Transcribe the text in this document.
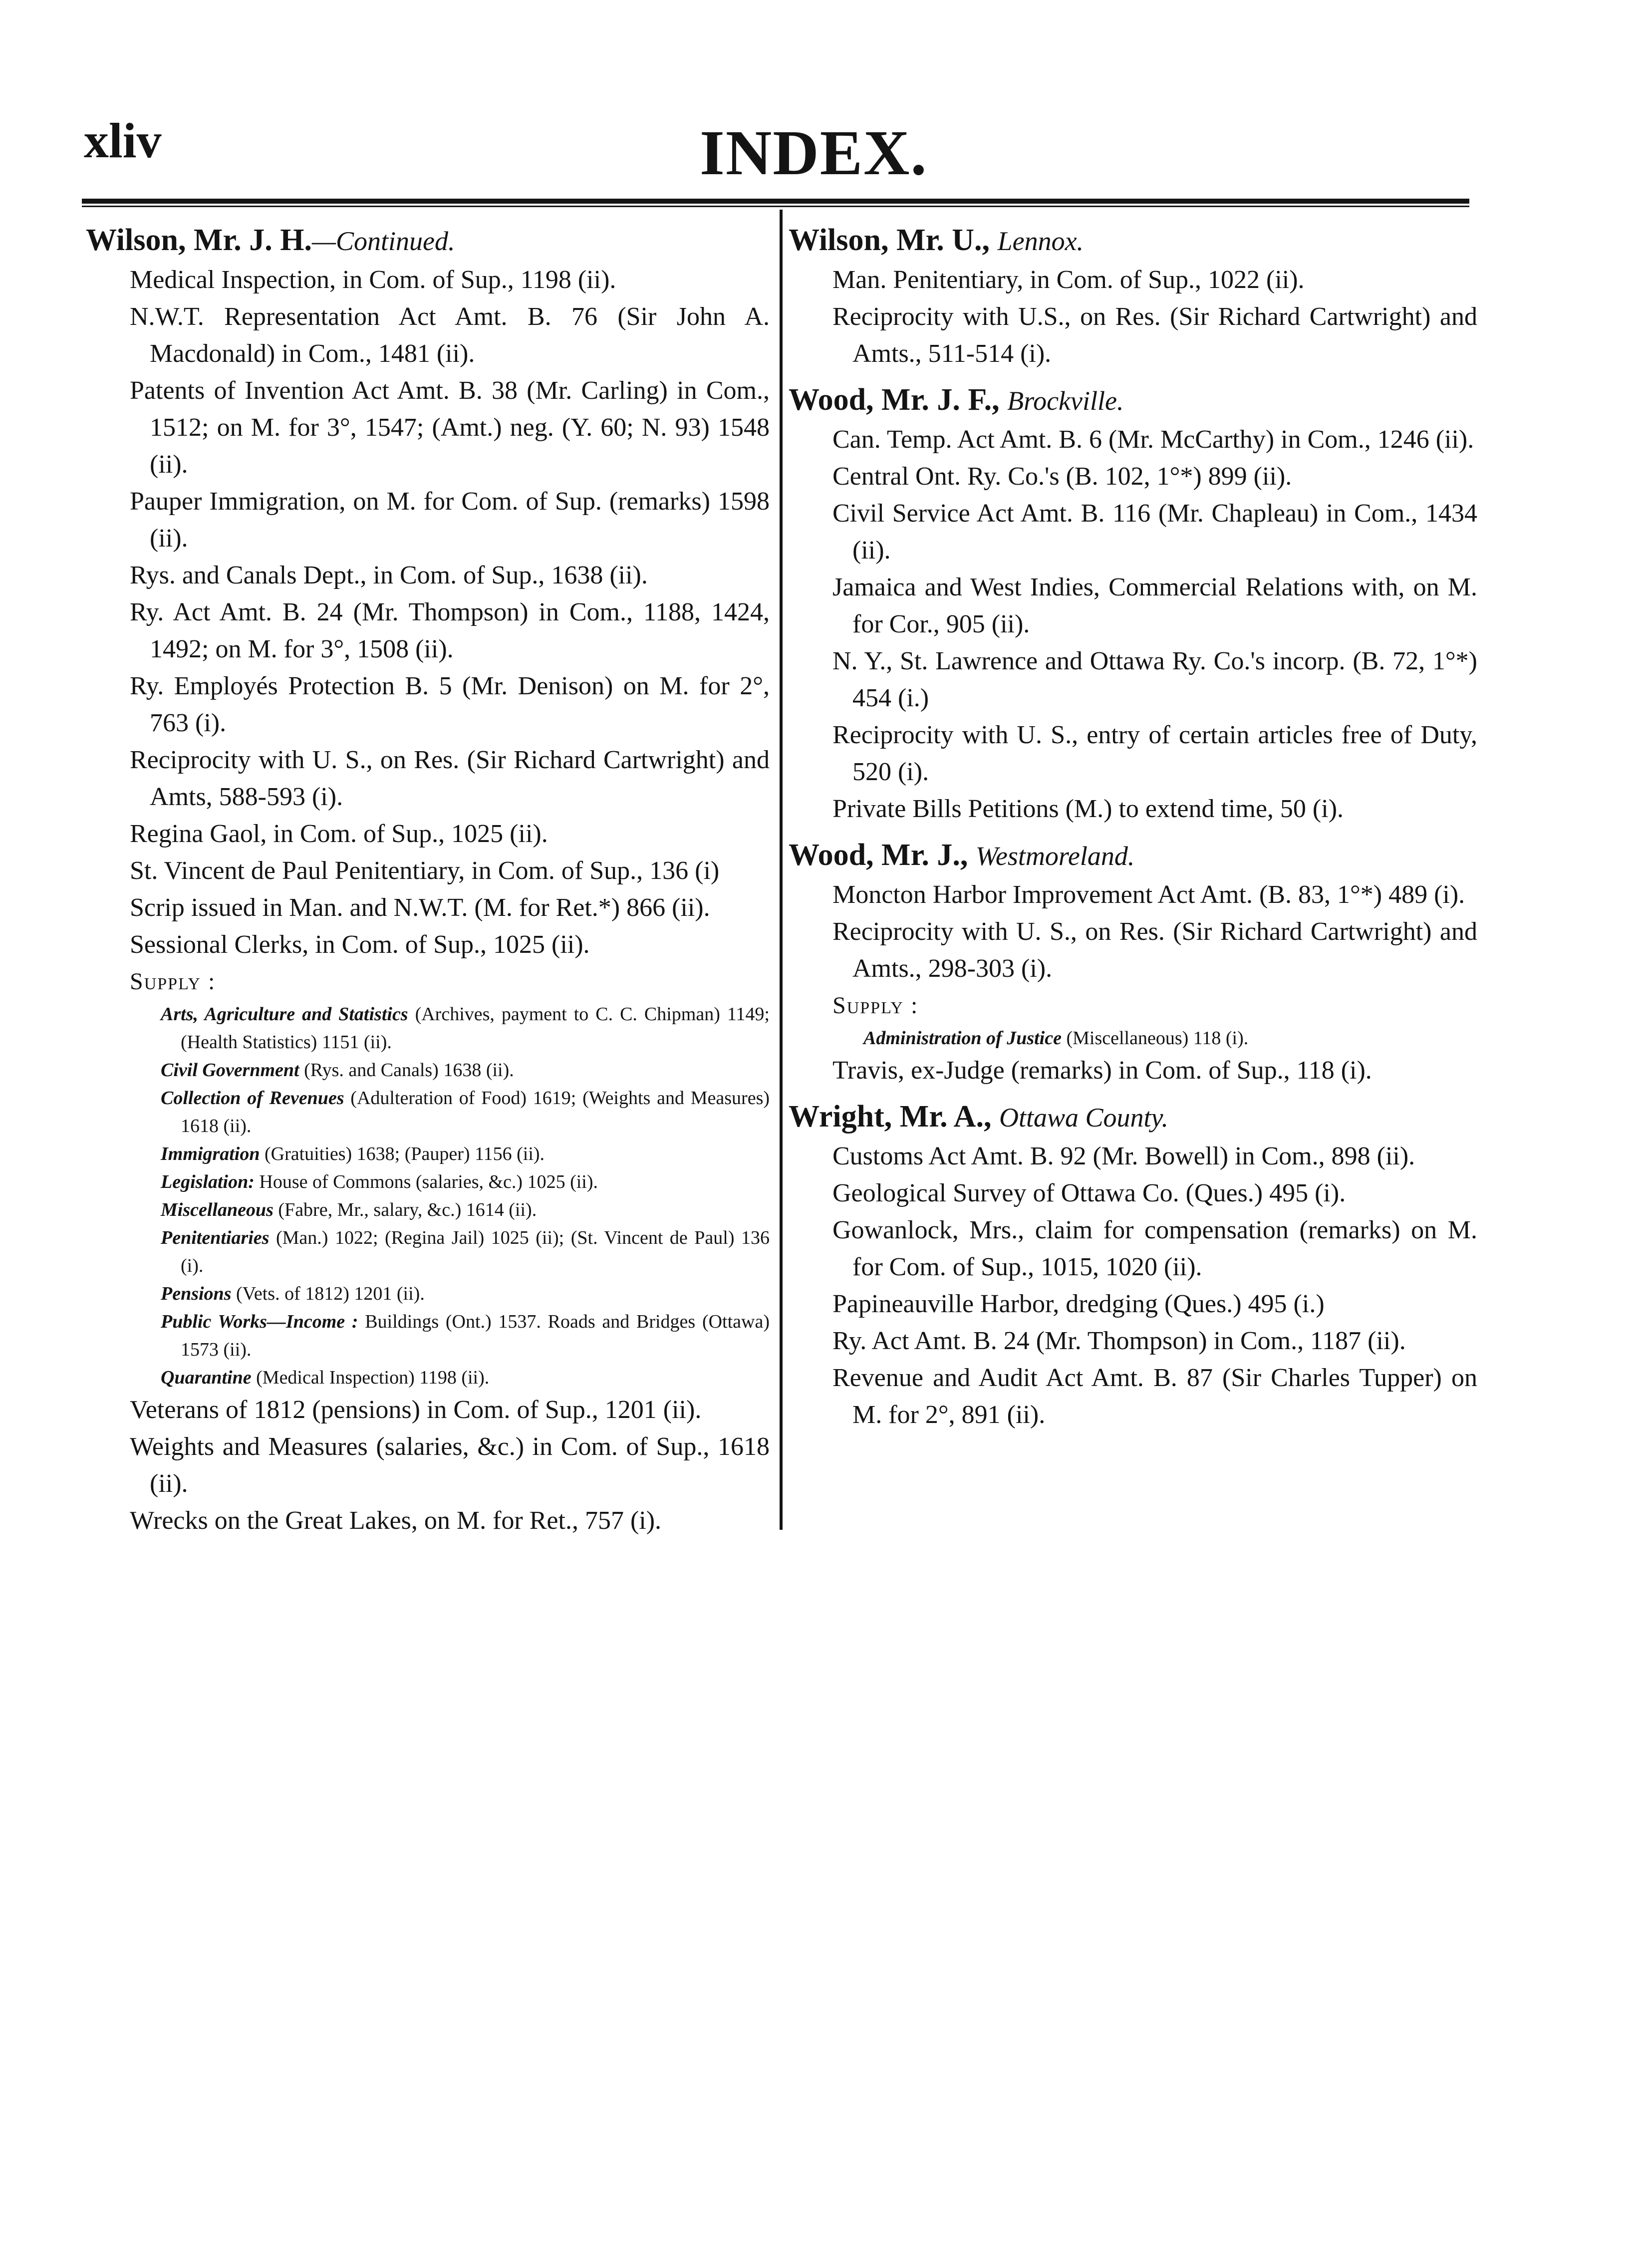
xliv	INDEX.
Wilson, Mr. J. H.—Continued.
Medical Inspection, in Com. of Sup., 1198 (ii).
N.W.T. Representation Act Amt. B. 76 (Sir John A. Macdonald) in Com., 1481 (ii).
Patents of Invention Act Amt. B. 38 (Mr. Carling) in Com., 1512; on M. for 3°, 1547; (Amt.) neg. (Y. 60; N. 93) 1548 (ii).
Pauper Immigration, on M. for Com. of Sup. (remarks) 1598 (ii).
Rys. and Canals Dept., in Com. of Sup., 1638 (ii).
Ry. Act Amt. B. 24 (Mr. Thompson) in Com., 1188, 1424, 1492; on M. for 3°, 1508 (ii).
Ry. Employés Protection B. 5 (Mr. Denison) on M. for 2°, 763 (i).
Reciprocity with U. S., on Res. (Sir Richard Cartwright) and Amts, 588-593 (i).
Regina Gaol, in Com. of Sup., 1025 (ii).
St. Vincent de Paul Penitentiary, in Com. of Sup., 136 (i)
Scrip issued in Man. and N.W.T. (M. for Ret.*) 866 (ii).
Sessional Clerks, in Com. of Sup., 1025 (ii).
Supply :
Arts, Agriculture and Statistics (Archives, payment to C. C. Chipman) 1149; (Health Statistics) 1151 (ii).
Civil Government (Rys. and Canals) 1638 (ii).
Collection of Revenues (Adulteration of Food) 1619; (Weights and Measures) 1618 (ii).
Immigration (Gratuities) 1638; (Pauper) 1156 (ii).
Legislation: House of Commons (salaries, &c.) 1025 (ii).
Miscellaneous (Fabre, Mr., salary, &c.) 1614 (ii).
Penitentiaries (Man.) 1022; (Regina Jail) 1025 (ii); (St. Vincent de Paul) 136 (i).
Pensions (Vets. of 1812) 1201 (ii).
Public Works—Income : Buildings (Ont.) 1537. Roads and Bridges (Ottawa) 1573 (ii).
Quarantine (Medical Inspection) 1198 (ii).
Veterans of 1812 (pensions) in Com. of Sup., 1201 (ii).
Weights and Measures (salaries, &c.) in Com. of Sup., 1618 (ii).
Wrecks on the Great Lakes, on M. for Ret., 757 (i).
Wilson, Mr. U., Lennox.
Man. Penitentiary, in Com. of Sup., 1022 (ii).
Reciprocity with U.S., on Res. (Sir Richard Cartwright) and Amts., 511-514 (i).
Wood, Mr. J. F., Brockville.
Can. Temp. Act Amt. B. 6 (Mr. McCarthy) in Com., 1246 (ii).
Central Ont. Ry. Co.'s (B. 102, 1°*) 899 (ii).
Civil Service Act Amt. B. 116 (Mr. Chapleau) in Com., 1434 (ii).
Jamaica and West Indies, Commercial Relations with, on M. for Cor., 905 (ii).
N. Y., St. Lawrence and Ottawa Ry. Co.'s incorp. (B. 72, 1°*) 454 (i.)
Reciprocity with U. S., entry of certain articles free of Duty, 520 (i).
Private Bills Petitions (M.) to extend time, 50 (i).
Wood, Mr. J., Westmoreland.
Moncton Harbor Improvement Act Amt. (B. 83, 1°*) 489 (i).
Reciprocity with U. S., on Res. (Sir Richard Cartwright) and Amts., 298-303 (i).
Supply :
Administration of Justice (Miscellaneous) 118 (i).
Travis, ex-Judge (remarks) in Com. of Sup., 118 (i).
Wright, Mr. A., Ottawa County.
Customs Act Amt. B. 92 (Mr. Bowell) in Com., 898 (ii).
Geological Survey of Ottawa Co. (Ques.) 495 (i).
Gowanlock, Mrs., claim for compensation (remarks) on M. for Com. of Sup., 1015, 1020 (ii).
Papineauville Harbor, dredging (Ques.) 495 (i.)
Ry. Act Amt. B. 24 (Mr. Thompson) in Com., 1187 (ii).
Revenue and Audit Act Amt. B. 87 (Sir Charles Tupper) on M. for 2°, 891 (ii).
